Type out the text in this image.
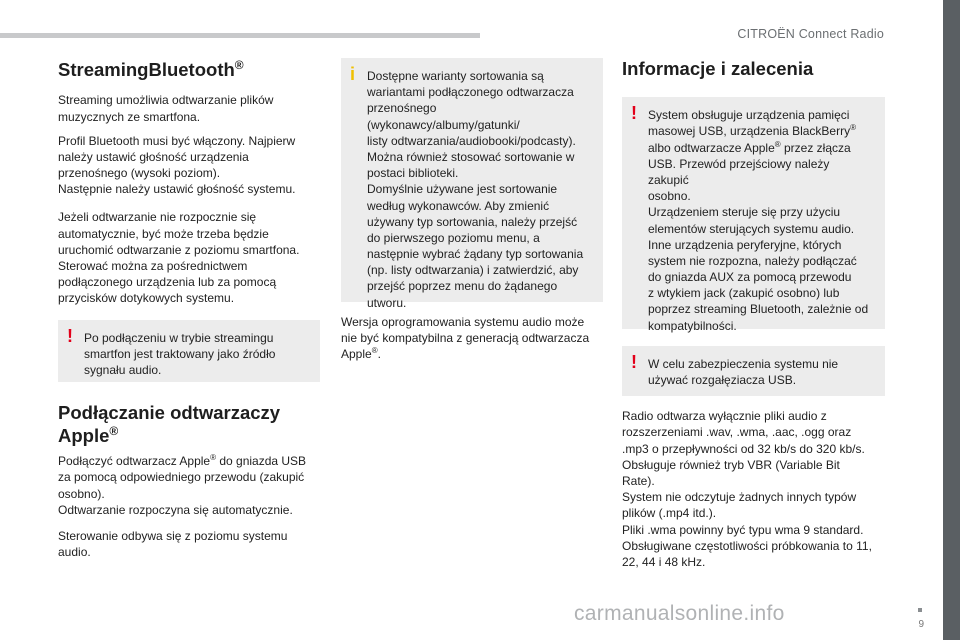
CITROËN Connect Radio
StreamingBluetooth®

Streaming umożliwia odtwarzanie plików
muzycznych ze smartfona.

Profil Bluetooth musi być włączony. Najpierw
należy ustawić głośność urządzenia
przenośnego (wysoki poziom).
Następnie należy ustawić głośność systemu.

Jeżeli odtwarzanie nie rozpocznie się
automatycznie, być może trzeba będzie
uruchomić odtwarzanie z poziomu smartfona.
Sterować można za pośrednictwem
podłączonego urządzenia lub za pomocą
przycisków dotykowych systemu.

! Po podłączeniu w trybie streamingu
smartfon jest traktowany jako źródło
sygnału audio.

Podłączanie odtwarzaczy
Apple®

Podłączyć odtwarzacz Apple® do gniazda USB
za pomocą odpowiedniego przewodu (zakupić
osobno).
Odtwarzanie rozpoczyna się automatycznie.

Sterowanie odbywa się z poziomu systemu
audio.

i Dostępne warianty sortowania są
wariantami podłączonego odtwarzacza
przenośnego (wykonawcy/albumy/gatunki/
listy odtwarzania/audiobooki/podcasty).
Można również stosować sortowanie w
postaci biblioteki.
Domyślnie używane jest sortowanie
według wykonawców. Aby zmienić
używany typ sortowania, należy przejść
do pierwszego poziomu menu, a
następnie wybrać żądany typ sortowania
(np. listy odtwarzania) i zatwierdzić, aby
przejść poprzez menu do żądanego
utworu.

Wersja oprogramowania systemu audio może
nie być kompatybilna z generacją odtwarzacza
Apple®.

Informacje i zalecenia
! System obsługuje urządzenia pamięci
masowej USB, urządzenia BlackBerry®
albo odtwarzacze Apple® przez złącza
USB. Przewód przejściowy należy zakupić
osobno.
Urządzeniem steruje się przy użyciu
elementów sterujących systemu audio.
Inne urządzenia peryferyjne, których
system nie rozpozna, należy podłączać
do gniazda AUX za pomocą przewodu
z wtykiem jack (zakupić osobno) lub
poprzez streaming Bluetooth, zależnie od
kompatybilności.

! W celu zabezpieczenia systemu nie
używać rozgałęziacza USB.

Radio odtwarza wyłącznie pliki audio z
rozszerzeniami .wav, .wma, .aac, .ogg oraz
.mp3 o przepływności od 32 kb/s do 320 kb/s.
Obsługuje również tryb VBR (Variable Bit
Rate).
System nie odczytuje żadnych innych typów
plików (.mp4 itd.).
Pliki .wma powinny być typu wma 9 standard.
Obsługiwane częstotliwości próbkowania to 11,
22, 44 i 48 kHz.

9
carmanualsonline.info
